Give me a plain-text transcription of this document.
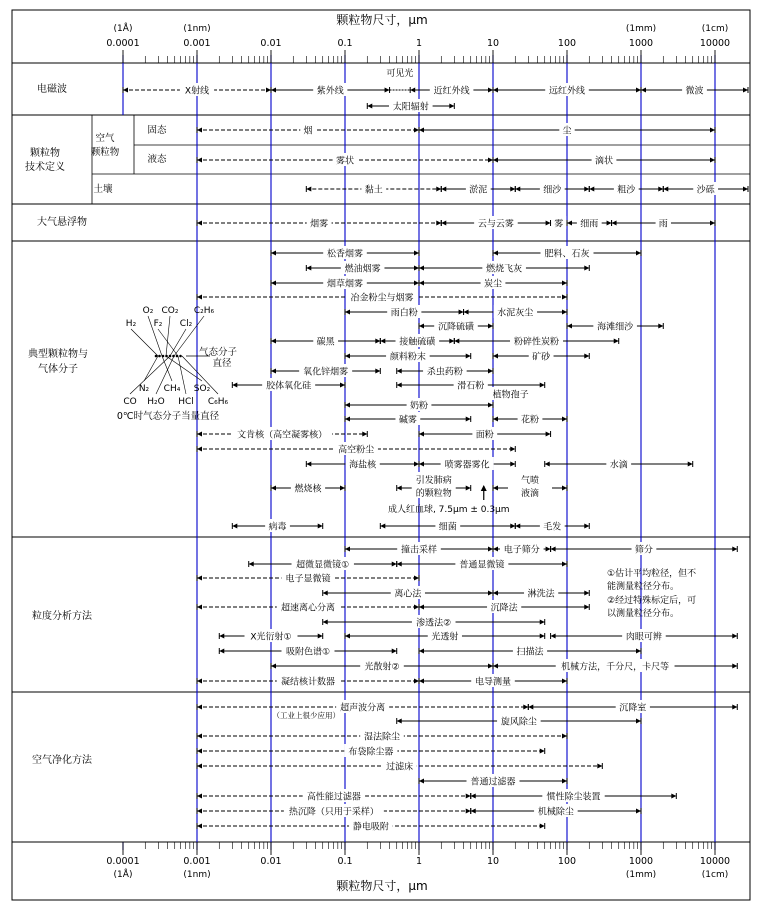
颗粒物尺寸，μm
颗粒物尺寸，μm
0.0001
0.0001
0.001
0.001
0.01
0.01
0.1
0.1
1
1
10
10
100
100
1000
1000
10000
10000
(1Å)
(1Å)
(1nm)
(1nm)
(1mm)
(1mm)
(1cm)
(1cm)
电磁波
颗粒物
技术定义
大气悬浮物
典型颗粒物与
气体分子
粒度分析方法
空气净化方法
空气
颗粒物
固态
液态
土壤
X射线	紫外线
可见光
近红外线	远红外线	微波
太阳辐射
烟	尘
雾状	滴状
黏土	淤泥	细沙	粗沙	沙砾
烟雾	云与云雾	雾 细雨	雨
松香烟雾	肥料、石灰
燃油烟雾	燃烧飞灰
烟草烟雾	炭尘
冶金粉尘与烟雾
雨白粉	水泥灰尘
沉降硫磺	海滩细沙
碳黑	接触硫磺	粉碎性炭粉
颜料粉末	矿砂
氧化锌烟雾	杀虫药粉
胶体氧化硅	滑石粉
植物孢子
奶粉
碱雾	花粉
文肯核（高空凝雾核）	面粉
高空粉尘
海盐核	喷雾器雾化	水滴
燃烧核
引发肺病
的颗粒物
气喷
液滴
成人红血球, 7.5μm ± 0.3μm
病毒	细菌	毛发
撞击采样	电子筛分	筛分
超微显微镜①	普通显微镜
电子显微镜
离心法	淋洗法
超速离心分离	沉降法
渗透法②
X光衍射①	光透射	肉眼可辨
吸附色谱①	扫描法
光散射②	机械方法，千分尺，卡尺等
凝结核计数器	电导测量
超声波分离	沉降室
旋风除尘
湿法除尘
布袋除尘器
过滤床
普通过滤器
高性能过滤器	惯性除尘装置
热沉降（只用于采样）	机械除尘
静电吸附
（工业上很少应用）
①估计平均粒径，但不能测量粒径分布。
②经过特殊标定后，可以测量粒径分布。
H₂
O₂ CO₂
Cl₂
C₂H₆
F₂
N₂ CH₄ SO₂
CO H₂O HCl C₆H₆
气态分子
直径
0℃时气态分子当量直径
